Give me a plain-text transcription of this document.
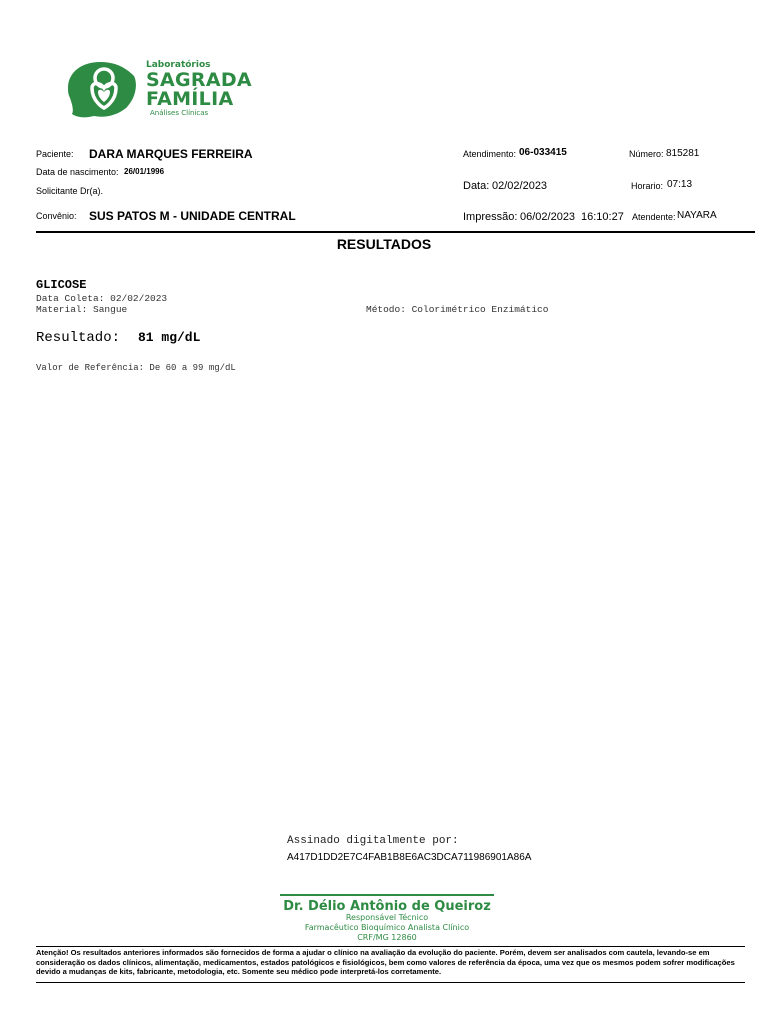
Laboratórios
SAGRADA
FAMÍLIA
Análises Clínicas
Paciente: DARA MARQUES FERREIRA
Data de nascimento: 26/01/1996
Solicitante Dr(a).
Convênio: SUS PATOS M - UNIDADE CENTRAL
Atendimento: 06-033415	Número: 815281
Data: 02/02/2023	Horario: 07:13
Impressão: 06/02/2023 16:10:27 Atendente: NAYARA
RESULTADOS
GLICOSE
Data Coleta: 02/02/2023
Material: Sangue	Método: Colorimétrico Enzimático
Resultado: 81 mg/dL
Valor de Referência: De 60 a 99 mg/dL
Assinado digitalmente por:
A417D1DD2E7C4FAB1B8E6AC3DCA711986901A86A
Dr. Délio Antônio de Queiroz
Responsável Técnico
Farmacêutico Bioquímico Analista Clínico
CRF/MG 12860
Atenção! Os resultados anteriores informados são fornecidos de forma a ajudar o clínico na avaliação da evolução do paciente. Porém, devem ser analisados com cautela, levando-se em consideração os dados clínicos, alimentação, medicamentos, estados patológicos e fisiológicos, bem como valores de referência da época, uma vez que os mesmos podem sofrer modificações devido a mudanças de kits, fabricante, metodologia, etc. Somente seu médico pode interpretá-los corretamente.
